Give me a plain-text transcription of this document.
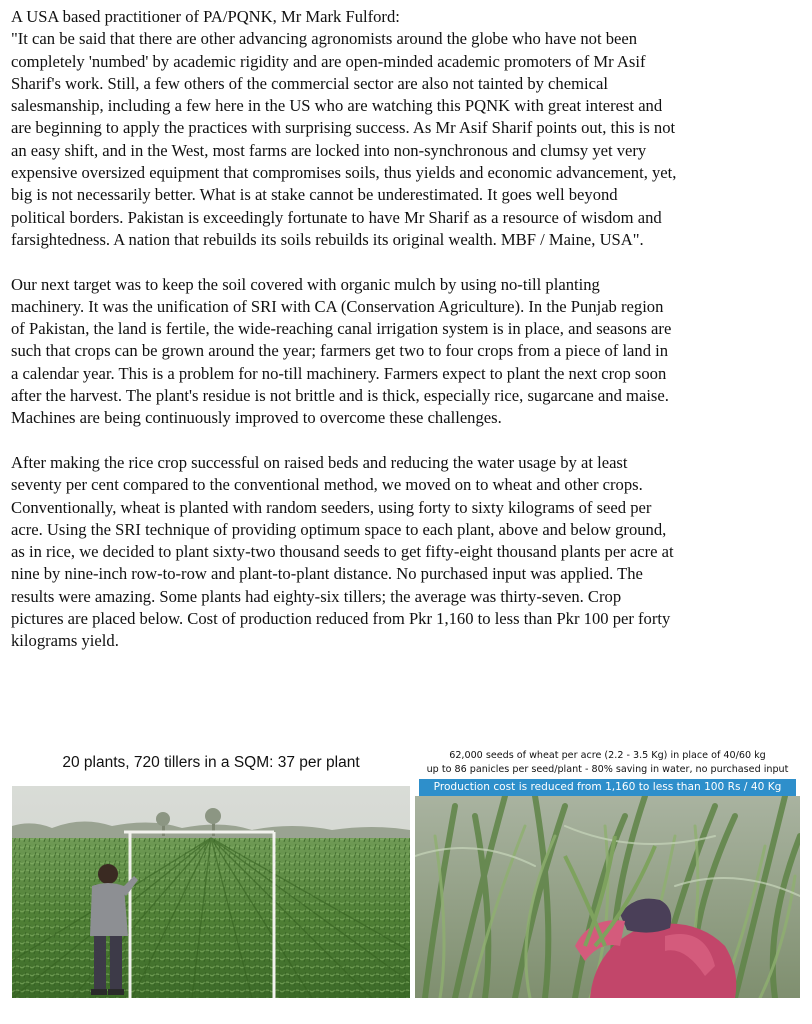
A USA based practitioner of PA/PQNK, Mr Mark Fulford:
"It can be said that there are other advancing agronomists around the globe who have not been
completely 'numbed' by academic rigidity and are open-minded academic promoters of Mr Asif
Sharif's work. Still, a few others of the commercial sector are also not tainted by chemical
salesmanship, including a few here in the US who are watching this PQNK with great interest and
are beginning to apply the practices with surprising success. As Mr Asif Sharif points out, this is not
an easy shift, and in the West, most farms are locked into non-synchronous and clumsy yet very
expensive oversized equipment that compromises soils, thus yields and economic advancement, yet,
big is not necessarily better. What is at stake cannot be underestimated. It goes well beyond
political borders. Pakistan is exceedingly fortunate to have Mr Sharif as a resource of wisdom and
farsightedness. A nation that rebuilds its soils rebuilds its original wealth. MBF / Maine, USA".

Our next target was to keep the soil covered with organic mulch by using no-till planting
machinery. It was the unification of SRI with CA (Conservation Agriculture). In the Punjab region
of Pakistan, the land is fertile, the wide-reaching canal irrigation system is in place, and seasons are
such that crops can be grown around the year; farmers get two to four crops from a piece of land in
a calendar year. This is a problem for no-till machinery. Farmers expect to plant the next crop soon
after the harvest. The plant's residue is not brittle and is thick, especially rice, sugarcane and maise.
Machines are being continuously improved to overcome these challenges.

After making the rice crop successful on raised beds and reducing the water usage by at least
seventy per cent compared to the conventional method, we moved on to wheat and other crops.
Conventionally, wheat is planted with random seeders, using forty to sixty kilograms of seed per
acre. Using the SRI technique of providing optimum space to each plant, above and below ground,
as in rice, we decided to plant sixty-two thousand seeds to get fifty-eight thousand plants per acre at
nine by nine-inch row-to-row and plant-to-plant distance. No purchased input was applied. The
results were amazing. Some plants had eighty-six tillers; the average was thirty-seven. Crop
pictures are placed below. Cost of production reduced from Pkr 1,160 to less than Pkr 100 per forty
kilograms yield.

20 plants, 720 tillers in a SQM: 37 per plant	62,000 seeds of wheat per acre (2.2 - 3.5 Kg) in place of 40/60 kg
up to 86 panicles per seed/plant - 80% saving in water, no purchased input
Production cost is reduced from 1,160 to less than 100 Rs / 40 Kg
